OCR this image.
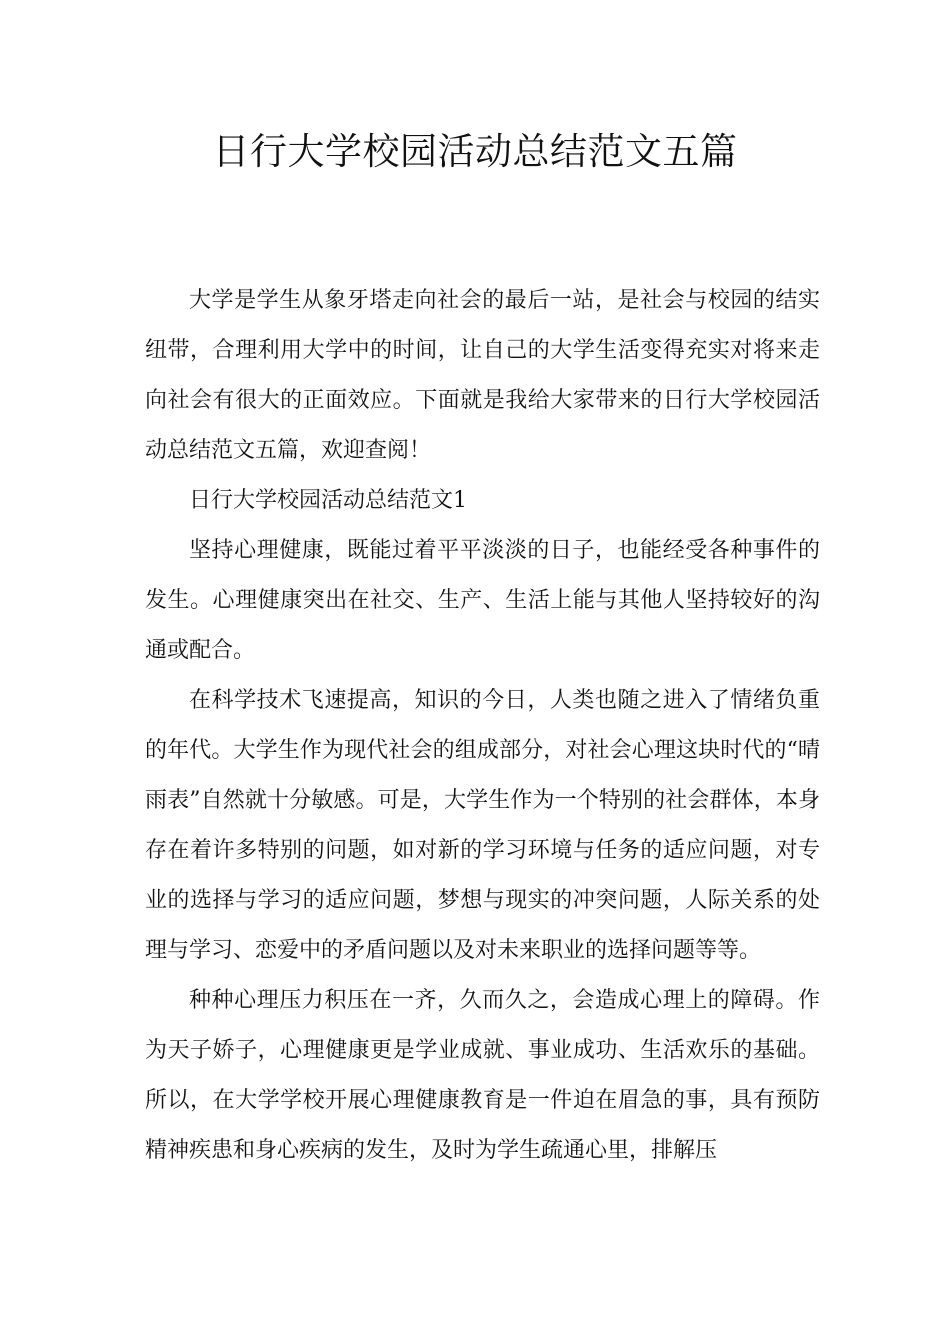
日行大学校园活动总结范文五篇

大学是学生从象牙塔走向社会的最后一站，是社会与校园的结实纽带，合理利用大学中的时间，让自己的大学生活变得充实对将来走向社会有很大的正面效应。下面就是我给大家带来的日行大学校园活动总结范文五篇，欢迎查阅！

日行大学校园活动总结范文1

坚持心理健康，既能过着平平淡淡的日子，也能经受各种事件的发生。心理健康突出在社交、生产、生活上能与其他人坚持较好的沟通或配合。

在科学技术飞速提高，知识的今日，人类也随之进入了情绪负重的年代。大学生作为现代社会的组成部分，对社会心理这块时代的“晴雨表”自然就十分敏感。可是，大学生作为一个特别的社会群体，本身存在着许多特别的问题，如对新的学习环境与任务的适应问题，对专业的选择与学习的适应问题，梦想与现实的冲突问题，人际关系的处理与学习、恋爱中的矛盾问题以及对未来职业的选择问题等等。

种种心理压力积压在一齐，久而久之，会造成心理上的障碍。作为天子娇子，心理健康更是学业成就、事业成功、生活欢乐的基础。所以，在大学学校开展心理健康教育是一件迫在眉急的事，具有预防精神疾患和身心疾病的发生，及时为学生疏通心里，排解压
